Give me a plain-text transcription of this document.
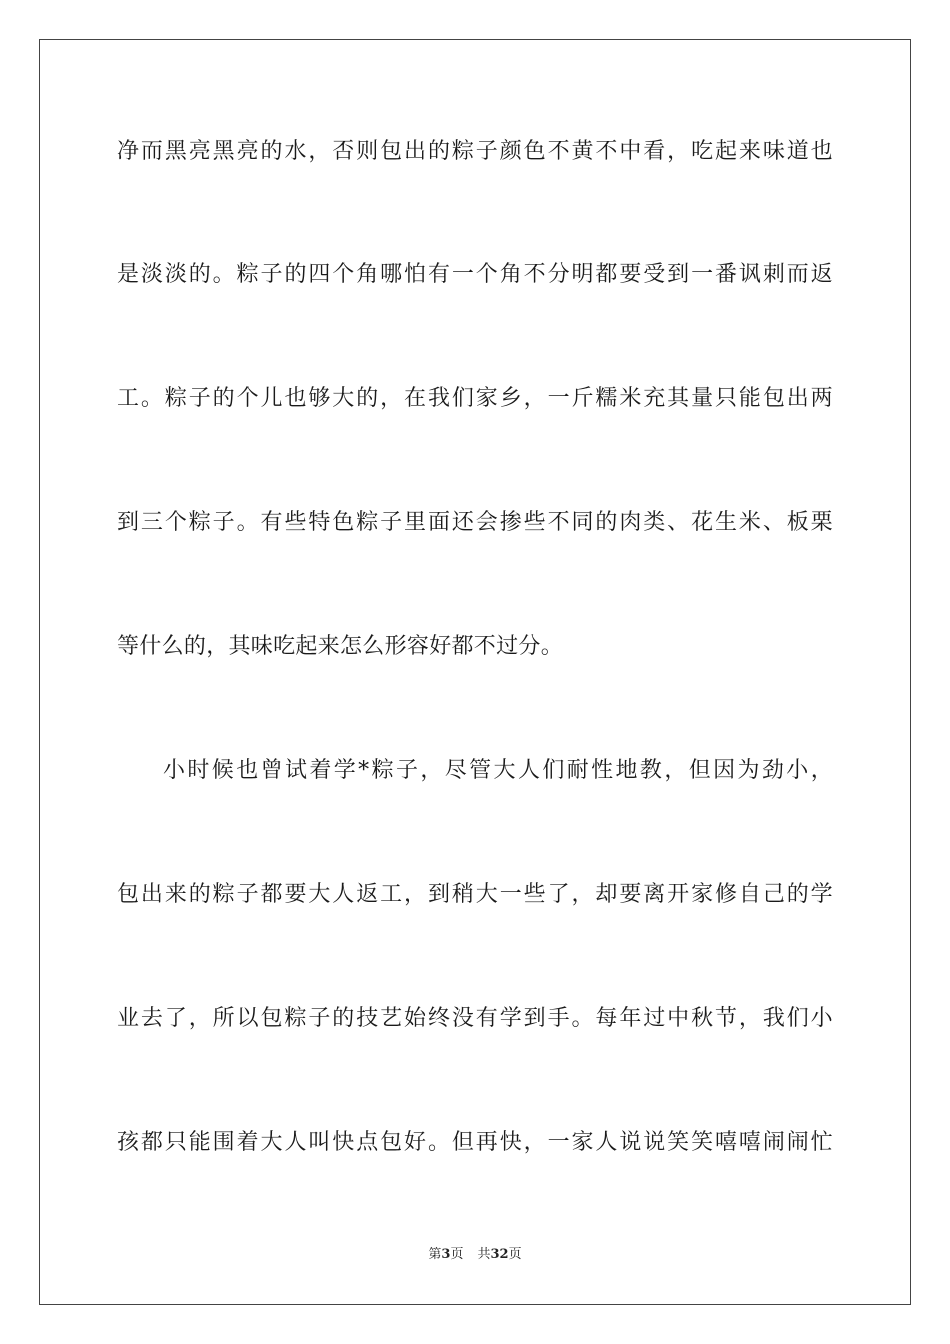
净而黑亮黑亮的水，否则包出的粽子颜色不黄不中看，吃起来味道也
是淡淡的。粽子的四个角哪怕有一个角不分明都要受到一番讽刺而返
工。粽子的个儿也够大的，在我们家乡，一斤糯米充其量只能包出两
到三个粽子。有些特色粽子里面还会掺些不同的肉类、花生米、板栗
等什么的，其味吃起来怎么形容好都不过分。
小时候也曾试着学*粽子，尽管大人们耐性地教，但因为劲小，
包出来的粽子都要大人返工，到稍大一些了，却要离开家修自己的学
业去了，所以包粽子的技艺始终没有学到手。每年过中秋节，我们小
孩都只能围着大人叫快点包好。但再快，一家人说说笑笑嘻嘻闹闹忙
第3页 共32页
